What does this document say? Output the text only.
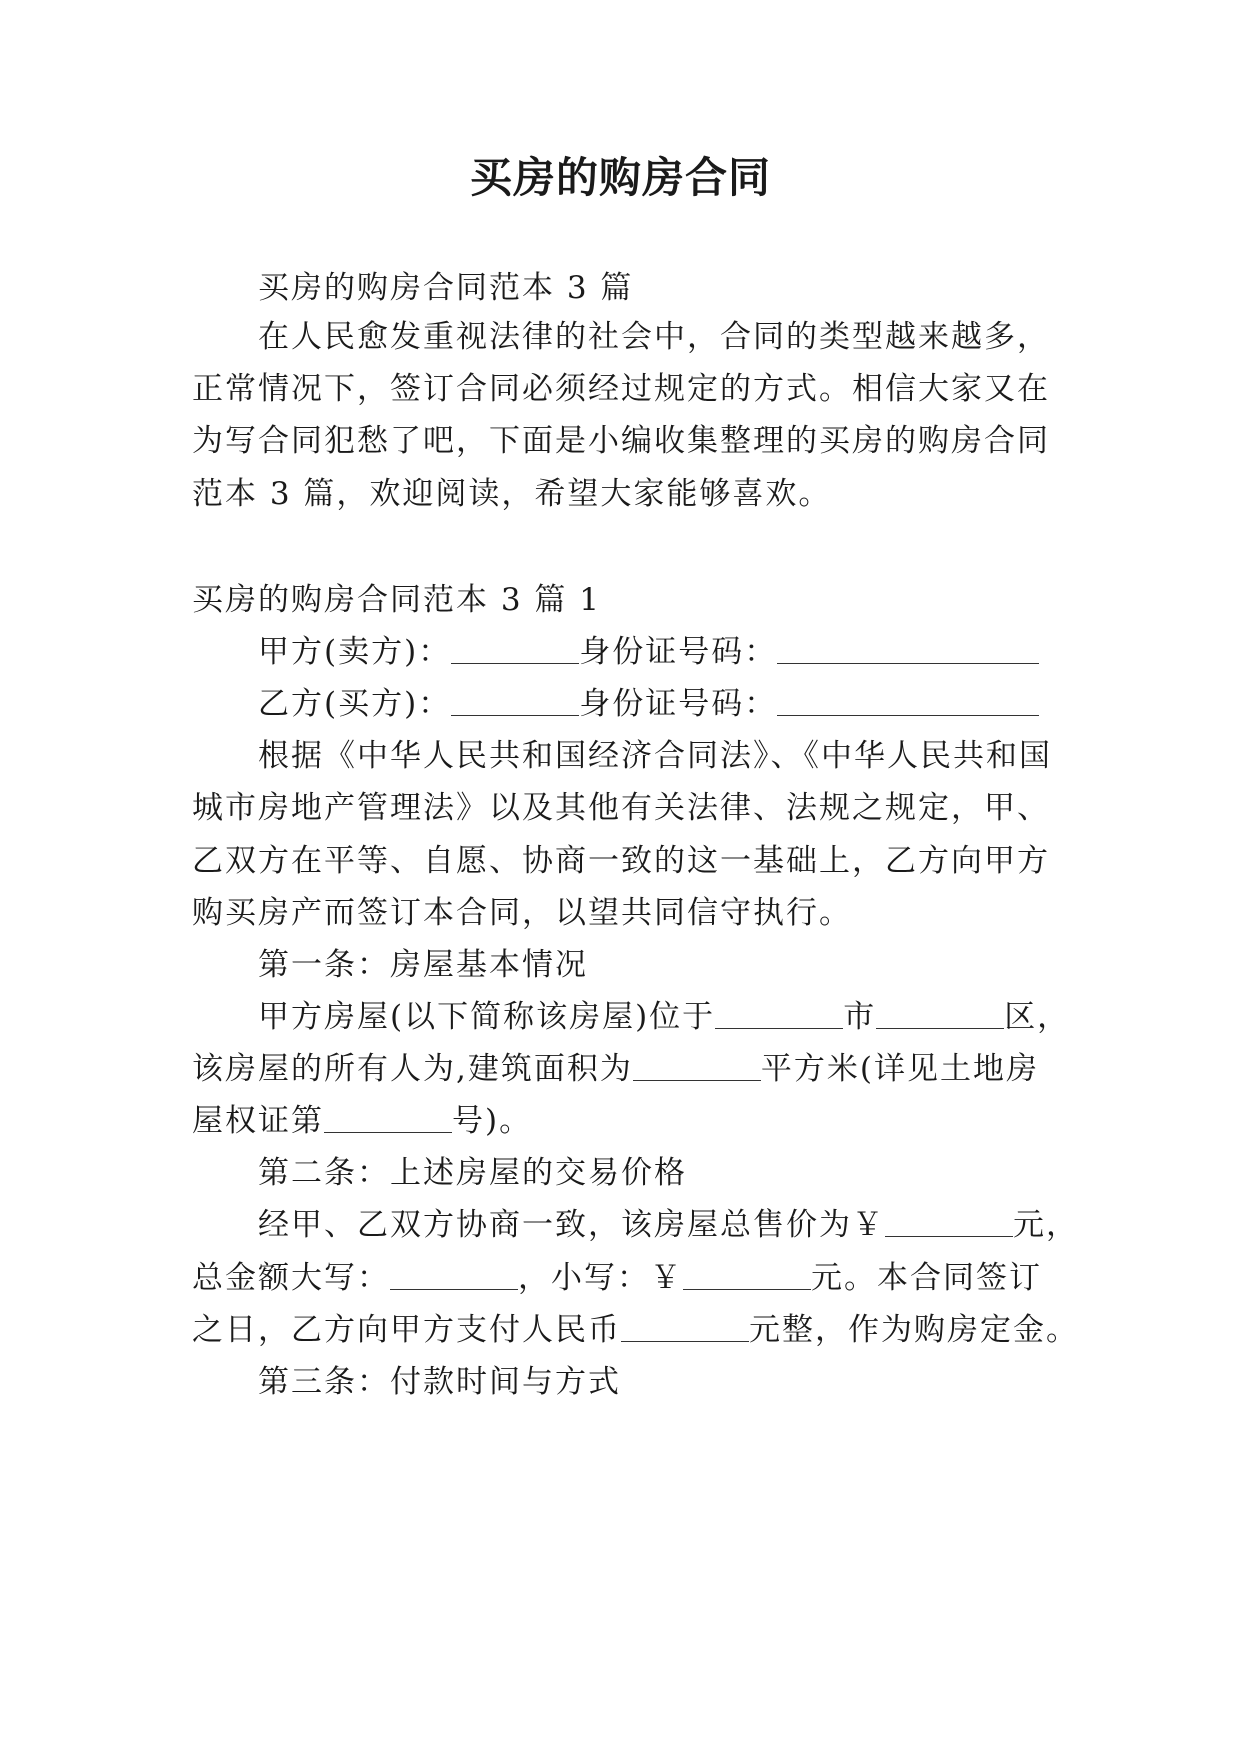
买房的购房合同
买房的购房合同范本 3 篇
在人民愈发重视法律的社会中，合同的类型越来越多，
正常情况下，签订合同必须经过规定的方式。相信大家又在
为写合同犯愁了吧，下面是小编收集整理的买房的购房合同
范本 3 篇，欢迎阅读，希望大家能够喜欢。
买房的购房合同范本 3 篇 1
甲方(卖方)：	身份证号码：
乙方(买方)：	身份证号码：
根据《中华人民共和国经济合同法》、《中华人民共和国
城市房地产管理法》以及其他有关法律、法规之规定，甲、
乙双方在平等、自愿、协商一致的这一基础上，乙方向甲方
购买房产而签订本合同，以望共同信守执行。
第一条：房屋基本情况
甲方房屋(以下简称该房屋)位于	市	区，
该房屋的所有人为,建筑面积为	平方米(详见土地房
屋权证第	号)。
第二条：上述房屋的交易价格
经甲、乙双方协商一致，该房屋总售价为￥	元，
总金额大写：	，小写：￥	元。本合同签订
之日，乙方向甲方支付人民币	元整，作为购房定金。
第三条：付款时间与方式
